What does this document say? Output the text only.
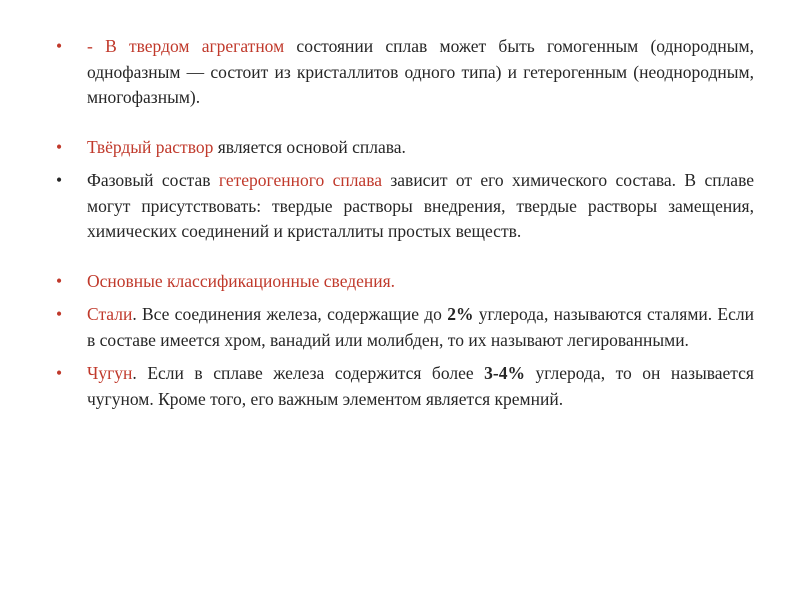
•	- В твердом агрегатном состоянии сплав может быть гомогенным (однородным, однофазным — состоит из кристаллитов одного типа) и гетерогенным (неоднородным, многофазным).
•	Твёрдый раствор является основой сплава.
•	Фазовый состав гетерогенного сплава зависит от его химического состава. В сплаве могут присутствовать: твердые растворы внедрения, твердые растворы замещения, химических соединений и кристаллиты простых веществ.
•	Основные классификационные сведения.
•	Стали. Все соединения железа, содержащие до 2% углерода, называются сталями. Если в составе имеется хром, ванадий или молибден, то их называют легированными.
•	Чугун. Если в сплаве железа содержится более 3-4% углерода, то он называется чугуном. Кроме того, его важным элементом является кремний.
